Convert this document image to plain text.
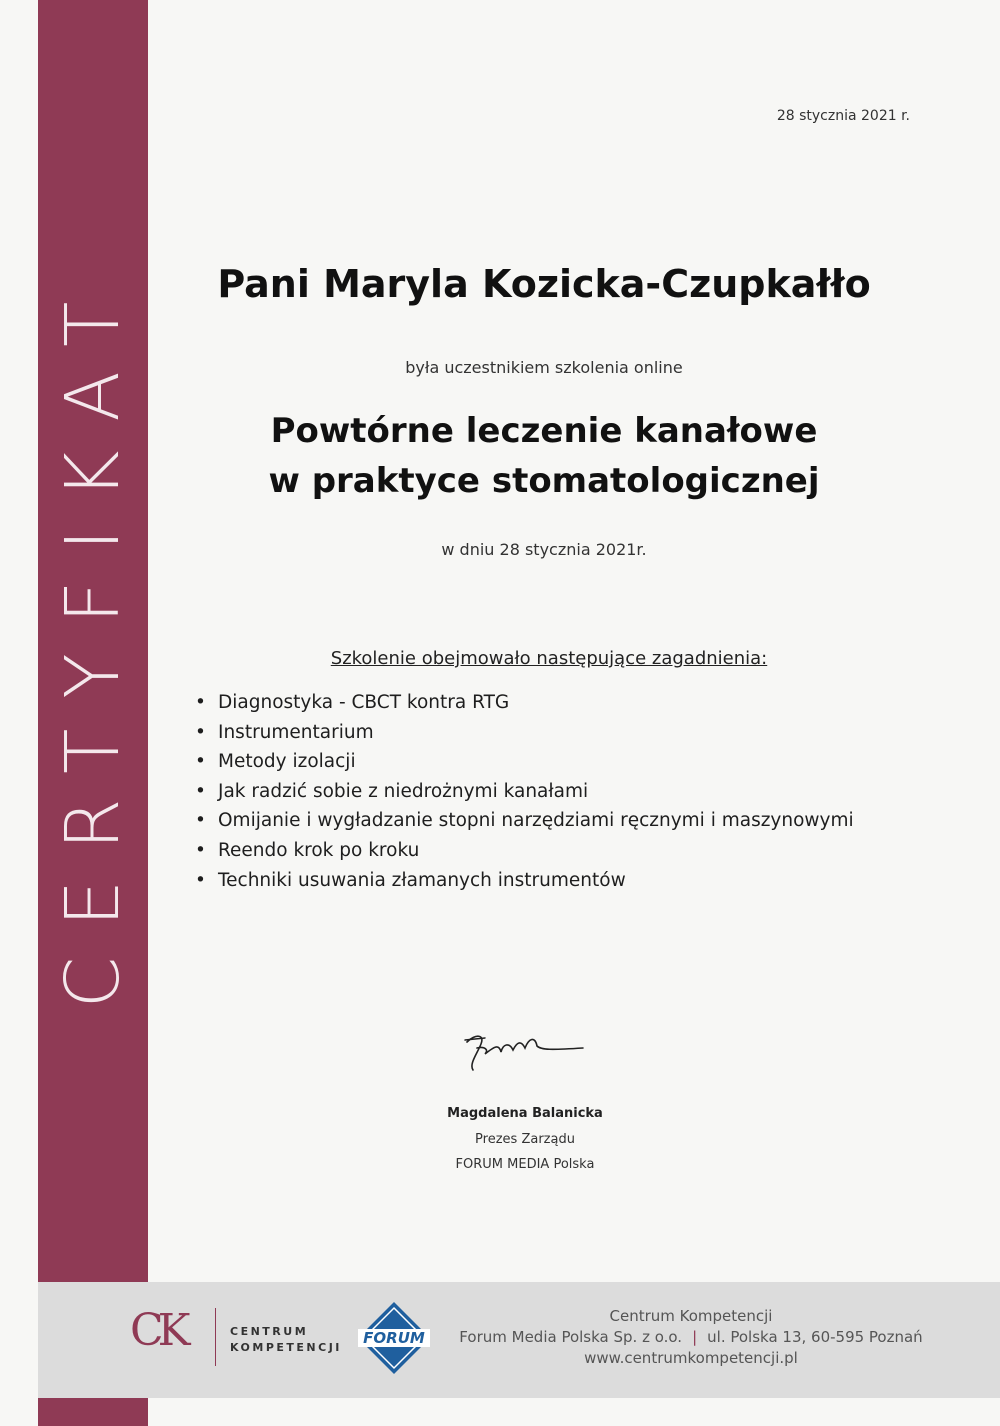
CERTYFIKAT
28 stycznia 2021 r.
Pani Maryla Kozicka-Czupkałło
była uczestnikiem szkolenia online
Powtórne leczenie kanałowe
w praktyce stomatologicznej
w dniu 28 stycznia 2021r.
Szkolenie obejmowało następujące zagadnienia:
• Diagnostyka - CBCT kontra RTG
• Instrumentarium
• Metody izolacji
• Jak radzić sobie z niedrożnymi kanałami
• Omijanie i wygładzanie stopni narzędziami ręcznymi i maszynowymi
• Reendo krok po kroku
• Techniki usuwania złamanych instrumentów
Magdalena Balanicka
Prezes Zarządu
FORUM MEDIA Polska
CK	CENTRUM
KOMPETENCJI
FORUM
Centrum Kompetencji
Forum Media Polska Sp. z o.o. | ul. Polska 13, 60-595 Poznań
www.centrumkompetencji.pl
